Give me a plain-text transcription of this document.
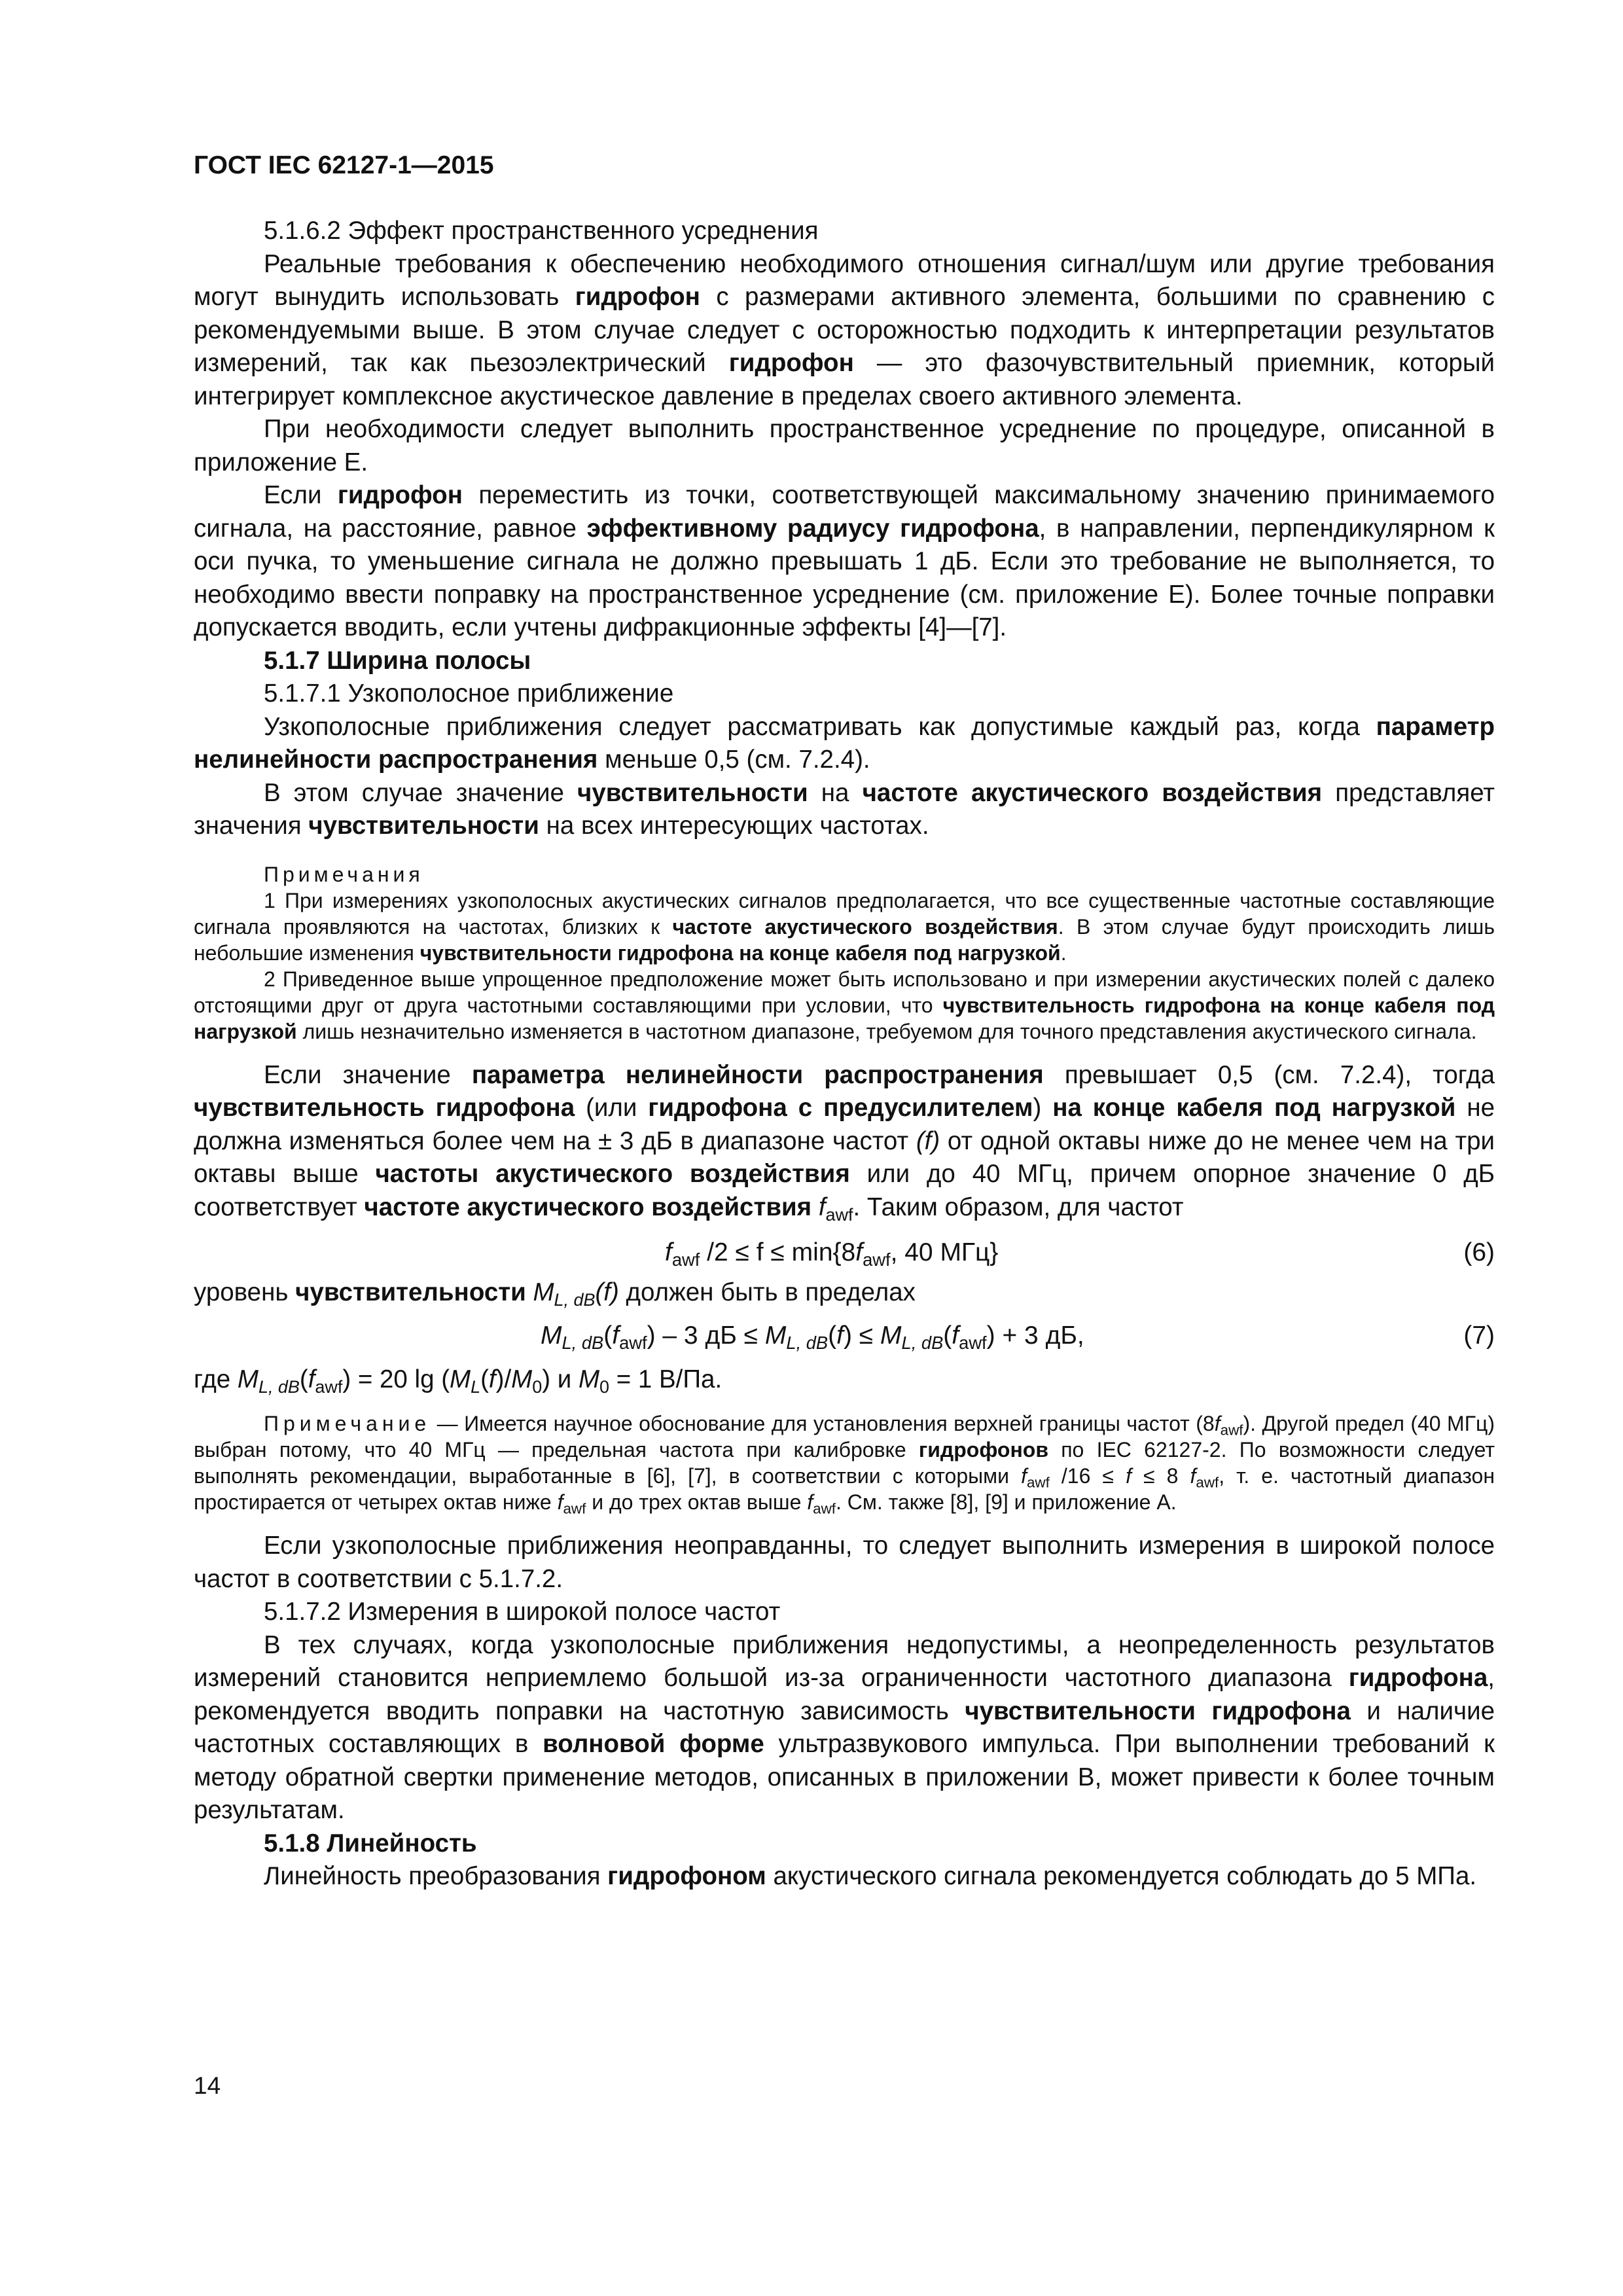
ГОСТ IEC 62127-1—2015

5.1.6.2 Эффект пространственного усреднения

Реальные требования к обеспечению необходимого отношения сигнал/шум или другие требования могут вынудить использовать гидрофон с размерами активного элемента, большими по сравнению с рекомендуемыми выше. В этом случае следует с осторожностью подходить к интерпретации результатов измерений, так как пьезоэлектрический гидрофон — это фазочувствительный приемник, который интегрирует комплексное акустическое давление в пределах своего активного элемента.

При необходимости следует выполнить пространственное усреднение по процедуре, описанной в приложение Е.

Если гидрофон переместить из точки, соответствующей максимальному значению принимаемого сигнала, на расстояние, равное эффективному радиусу гидрофона, в направлении, перпендикулярном к оси пучка, то уменьшение сигнала не должно превышать 1 дБ. Если это требование не выполняется, то необходимо ввести поправку на пространственное усреднение (см. приложение Е). Более точные поправки допускается вводить, если учтены дифракционные эффекты [4]—[7].

5.1.7 Ширина полосы

5.1.7.1 Узкополосное приближение

Узкополосные приближения следует рассматривать как допустимые каждый раз, когда параметр нелинейности распространения меньше 0,5 (см. 7.2.4).

В этом случае значение чувствительности на частоте акустического воздействия представляет значения чувствительности на всех интересующих частотах.

Примечания

1 При измерениях узкополосных акустических сигналов предполагается, что все существенные частотные составляющие сигнала проявляются на частотах, близких к частоте акустического воздействия. В этом случае будут происходить лишь небольшие изменения чувствительности гидрофона на конце кабеля под нагрузкой.

2 Приведенное выше упрощенное предположение может быть использовано и при измерении акустических полей с далеко отстоящими друг от друга частотными составляющими при условии, что чувствительность гидрофона на конце кабеля под нагрузкой лишь незначительно изменяется в частотном диапазоне, требуемом для точного представления акустического сигнала.

Если значение параметра нелинейности распространения превышает 0,5 (см. 7.2.4), тогда чувствительность гидрофона (или гидрофона с предусилителем) на конце кабеля под нагрузкой не должна изменяться более чем на ± 3 дБ в диапазоне частот (f) от одной октавы ниже до не менее чем на три октавы выше частоты акустического воздействия или до 40 МГц, причем опорное значение 0 дБ соответствует частоте акустического воздействия $f_{awf}$. Таким образом, для частот

$f_{awf}$ $/2 \le f \le \min\{8f_{awf}$, 40 МГц}	(6)

уровень чувствительности $M_{L, dB}(f)$ должен быть в пределах

$M_{L, dB}(f_{awf}) - 3$ дБ ≤ $M_{L, dB}(f) \le M_{L, dB}(f_{awf}) + 3$ дБ,	(7)

где $M_{L, dB}(f_{awf}) = 20$ $\lg (M_L(f)/M_0)$ и $M_0 = 1$ В/Па.

Примечание — Имеется научное обоснование для установления верхней границы частот $(8f_{awf})$. Другой предел (40 МГц) выбран потому, что 40 МГц — предельная частота при калибровке гидрофонов по IEC 62127-2. По возможности следует выполнять рекомендации, выработанные в [6], [7], в соответствии с которыми $f_{awf}$ /16 ≤ f ≤ 8 $f_{awf}$, т. е. частотный диапазон простирается от четырех октав ниже $f_{awf}$ и до трех октав выше $f_{awf}$. См. также [8], [9] и приложение А.

Если узкополосные приближения неоправданны, то следует выполнить измерения в широкой полосе частот в соответствии с 5.1.7.2.

5.1.7.2 Измерения в широкой полосе частот

В тех случаях, когда узкополосные приближения недопустимы, а неопределенность результатов измерений становится неприемлемо большой из-за ограниченности частотного диапазона гидрофона, рекомендуется вводить поправки на частотную зависимость чувствительности гидрофона и наличие частотных составляющих в волновой форме ультразвукового импульса. При выполнении требований к методу обратной свертки применение методов, описанных в приложении В, может привести к более точным результатам.

5.1.8 Линейность

Линейность преобразования гидрофоном акустического сигнала рекомендуется соблюдать до 5 МПа.

14
